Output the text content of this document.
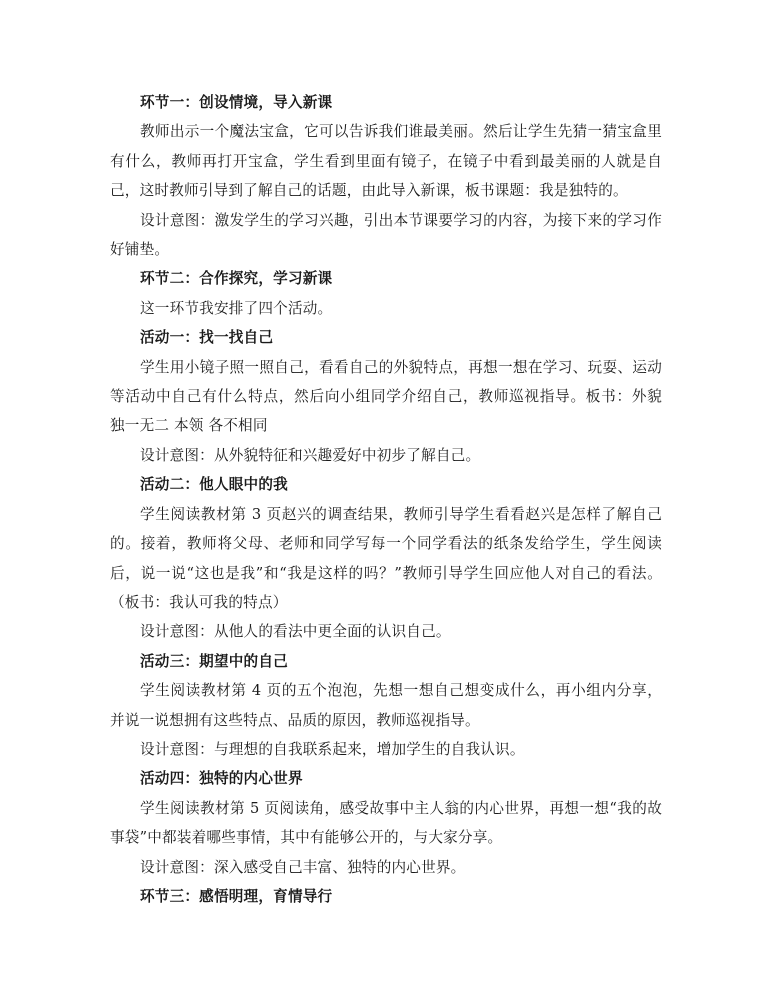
环节一：创设情境，导入新课

教师出示一个魔法宝盒，它可以告诉我们谁最美丽。然后让学生先猜一猜宝盒里有什么，教师再打开宝盒，学生看到里面有镜子，在镜子中看到最美丽的人就是自己，这时教师引导到了解自己的话题，由此导入新课，板书课题：我是独特的。

设计意图：激发学生的学习兴趣，引出本节课要学习的内容，为接下来的学习作好铺垫。

环节二：合作探究，学习新课

这一环节我安排了四个活动。

活动一：找一找自己

学生用小镜子照一照自己，看看自己的外貌特点，再想一想在学习、玩耍、运动等活动中自己有什么特点，然后向小组同学介绍自己，教师巡视指导。板书：外貌 独一无二 本领 各不相同

设计意图：从外貌特征和兴趣爱好中初步了解自己。

活动二：他人眼中的我

学生阅读教材第 3 页赵兴的调查结果，教师引导学生看看赵兴是怎样了解自己的。接着，教师将父母、老师和同学写每一个同学看法的纸条发给学生，学生阅读后，说一说“这也是我”和“我是这样的吗？”教师引导学生回应他人对自己的看法。（板书：我认可我的特点）

设计意图：从他人的看法中更全面的认识自己。

活动三：期望中的自己

学生阅读教材第 4 页的五个泡泡，先想一想自己想变成什么，再小组内分享，并说一说想拥有这些特点、品质的原因，教师巡视指导。

设计意图：与理想的自我联系起来，增加学生的自我认识。

活动四：独特的内心世界

学生阅读教材第 5 页阅读角，感受故事中主人翁的内心世界，再想一想“我的故事袋”中都装着哪些事情，其中有能够公开的，与大家分享。

设计意图：深入感受自己丰富、独特的内心世界。

环节三：感悟明理，育情导行
